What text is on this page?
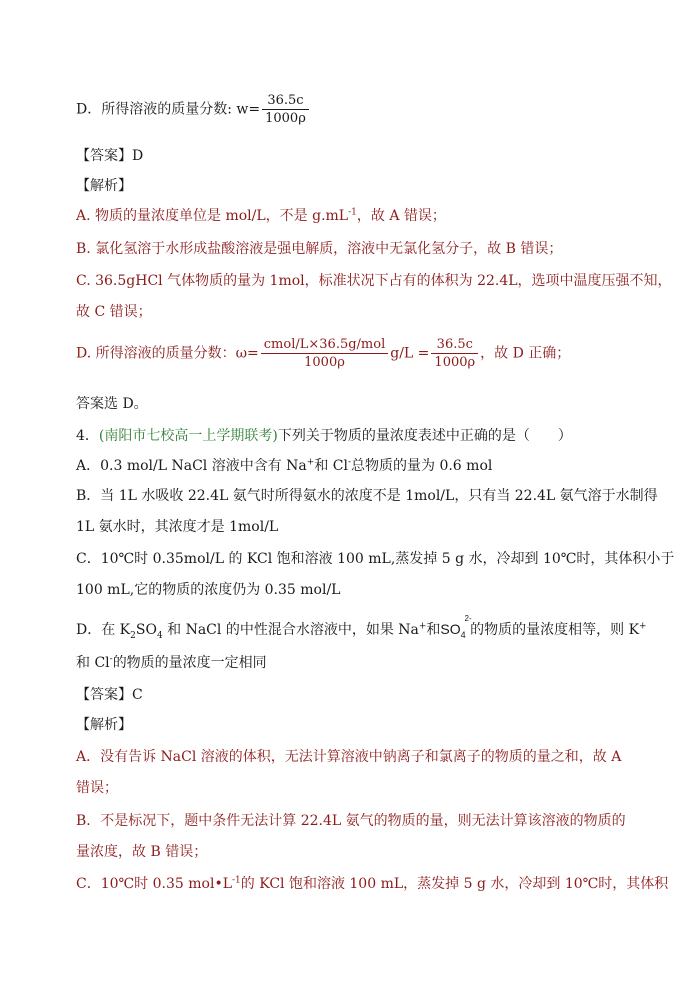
D．所得溶液的质量分数: $w= \frac{36.5c}{1000\rho}$
【答案】D
【解析】
A. 物质的量浓度单位是 mol/L，不是 $g.mL^{-1}$，故 A 错误；
B. 氯化氢溶于水形成盐酸溶液是强电解质，溶液中无氯化氢分子，故 B 错误；
C. 36.5gHCl 气体物质的量为 1mol，标准状况下占有的体积为 22.4L，选项中温度压强不知，
故 C 错误；
D. 所得溶液的质量分数：$\omega= \frac{\text{cmol/L×36.5g/mol}}{1000\rho} g/L = \frac{36.5c}{1000\rho}$ ，故 D 正确；
答案选 D。
4．(南阳市七校高一上学期联考)下列关于物质的量浓度表述中正确的是（　　）
A．0.3 mol/L NaCl 溶液中含有 Na+和 Cl-总物质的量为 0.6 mol
B．当 1L 水吸收 22.4L 氨气时所得氨水的浓度不是 1mol/L，只有当 22.4L 氨气溶于水制得
1L 氨水时，其浓度才是 1mol/L
C．10℃时 0.35mol/L 的 KCl 饱和溶液 100 mL,蒸发掉 5 g 水，冷却到 10℃时，其体积小于
100 mL,它的物质的浓度仍为 0.35 mol/L
D．在 $K_2SO_4$ 和 NaCl 的中性混合水溶液中，如果 Na+和$SO_4$
2-
的物质的量浓度相等，则 K+
和 Cl-的物质的量浓度一定相同
【答案】C
【解析】
A．没有告诉 NaCl 溶液的体积，无法计算溶液中钠离子和氯离子的物质的量之和，故 A
错误；
B．不是标况下，题中条件无法计算 22.4L 氨气的物质的量，则无法计算该溶液的物质的
量浓度，故 B 错误；
C．10℃时 0.35 $mol•L^{-1}$的 KCl 饱和溶液 100 mL，蒸发掉 5 g 水，冷却到 10℃时，其体积
